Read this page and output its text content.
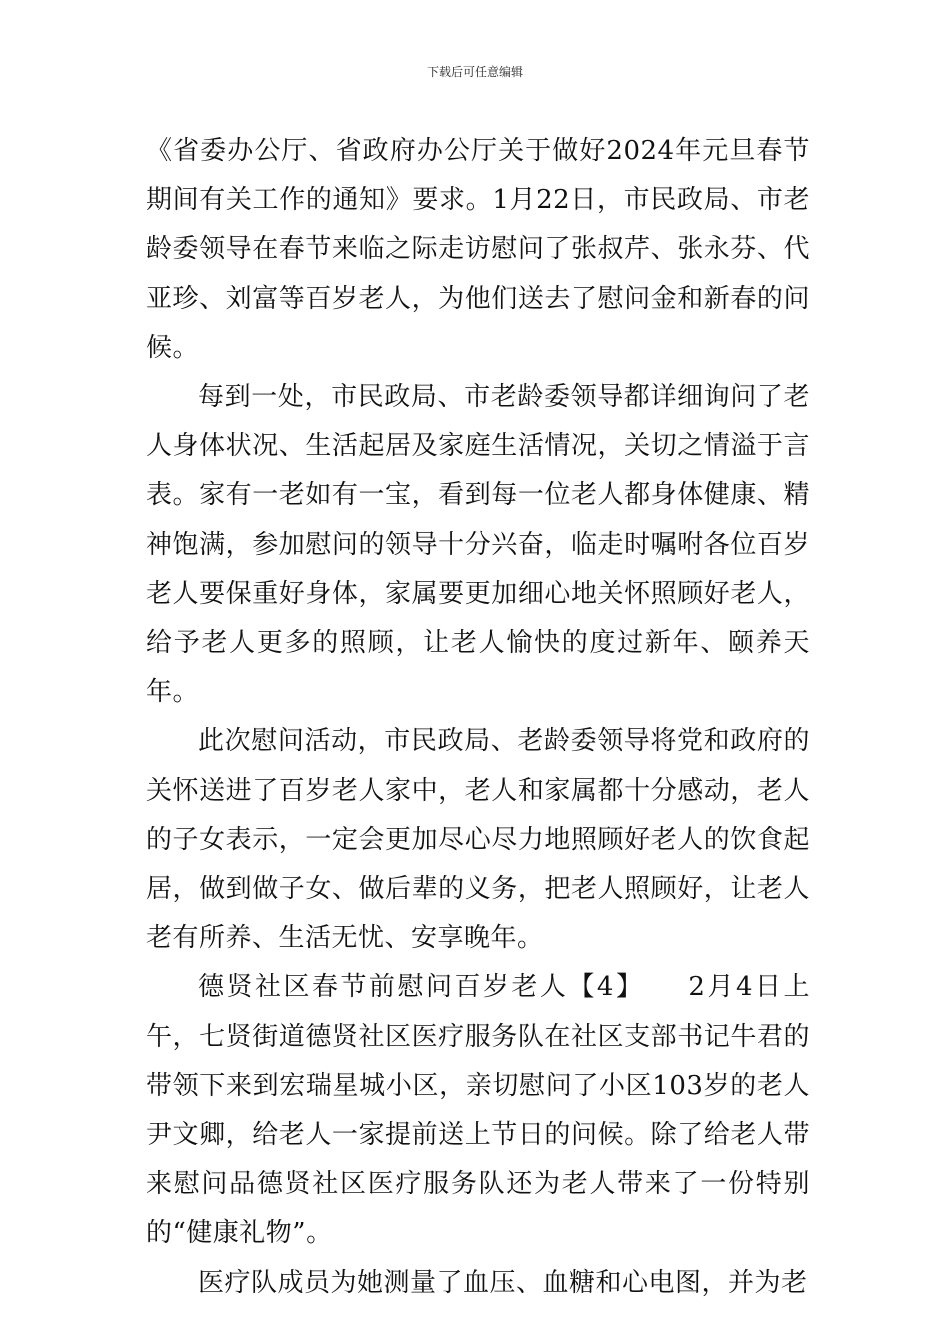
下载后可任意编辑

《省委办公厅、省政府办公厅关于做好2024年元旦春节期间有关工作的通知》要求。1月22日，市民政局、市老龄委领导在春节来临之际走访慰问了张叔芹、张永芬、代亚珍、刘富等百岁老人，为他们送去了慰问金和新春的问候。

每到一处，市民政局、市老龄委领导都详细询问了老人身体状况、生活起居及家庭生活情况，关切之情溢于言表。家有一老如有一宝，看到每一位老人都身体健康、精神饱满，参加慰问的领导十分兴奋，临走时嘱咐各位百岁老人要保重好身体，家属要更加细心地关怀照顾好老人，给予老人更多的照顾，让老人愉快的度过新年、颐养天年。

此次慰问活动，市民政局、老龄委领导将党和政府的关怀送进了百岁老人家中，老人和家属都十分感动，老人的子女表示，一定会更加尽心尽力地照顾好老人的饮食起居，做到做子女、做后辈的义务，把老人照顾好，让老人老有所养、生活无忧、安享晚年。

德贤社区春节前慰问百岁老人【4】　　2月4日上午，七贤街道德贤社区医疗服务队在社区支部书记牛君的带领下来到宏瑞星城小区，亲切慰问了小区103岁的老人尹文卿，给老人一家提前送上节日的问候。除了给老人带来慰问品德贤社区医疗服务队还为老人带来了一份特别的“健康礼物”。

医疗队成员为她测量了血压、血糖和心电图，并为老
